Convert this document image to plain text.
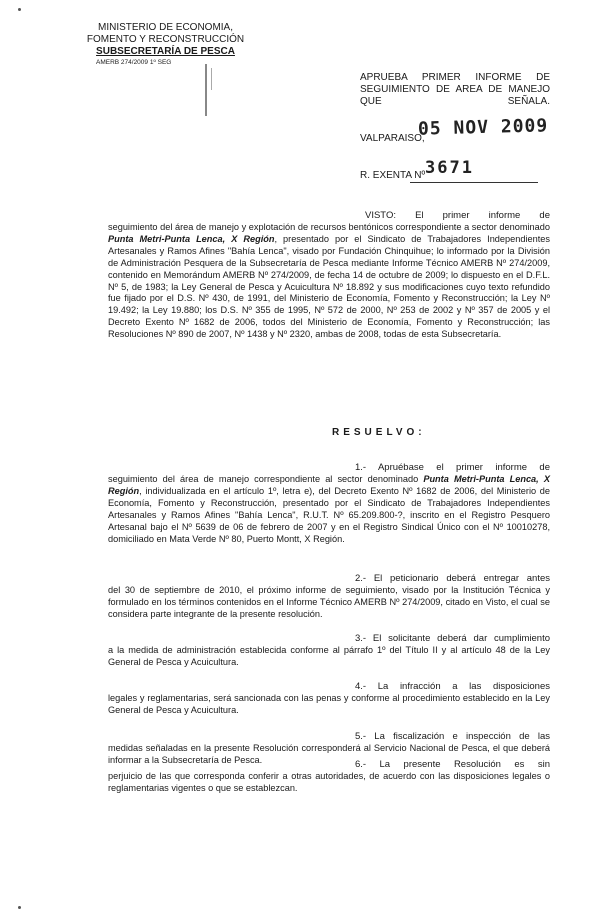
MINISTERIO DE ECONOMIA,
FOMENTO Y RECONSTRUCCIÓN
SUBSECRETARÍA DE PESCA
AMERB 274/2009 1º SEG
APRUEBA PRIMER INFORME DE SEGUIMIENTO DE AREA DE MANEJO QUE SEÑALA.
VALPARAISO,
05 NOV 2009
R. EXENTA Nº 3671
VISTO: El primer informe de
seguimiento del área de manejo y explotación de recursos bentónicos correspondiente a sector denominado Punta Metri-Punta Lenca, X Región, presentado por el Sindicato de Trabajadores Independientes Artesanales y Ramos Afines "Bahía Lenca", visado por Fundación Chinquihue; lo informado por la División de Administración Pesquera de la Subsecretaría de Pesca mediante Informe Técnico AMERB Nº 274/2009, contenido en Memorándum AMERB Nº 274/2009, de fecha 14 de octubre de 2009; lo dispuesto en el D.F.L. Nº 5, de 1983; la Ley General de Pesca y Acuicultura Nº 18.892 y sus modificaciones cuyo texto refundido fue fijado por el D.S. Nº 430, de 1991, del Ministerio de Economía, Fomento y Reconstrucción; la Ley Nº 19.492; la Ley 19.880; los D.S. Nº 355 de 1995, Nº 572 de 2000, Nº 253 de 2002 y Nº 357 de 2005 y el Decreto Exento Nº 1682 de 2006, todos del Ministerio de Economía, Fomento y Reconstrucción; las Resoluciones Nº 890 de 2007, Nº 1438 y Nº 2320, ambas de 2008, todas de esta Subsecretaría.
RESUELVO:
1.- Apruébase el primer informe de
seguimiento del área de manejo correspondiente al sector denominado Punta Metri-Punta Lenca, X Región, individualizada en el artículo 1º, letra e), del Decreto Exento Nº 1682 de 2006, del Ministerio de Economía, Fomento y Reconstrucción, presentado por el Sindicato de Trabajadores Independientes Artesanales y Ramos Afines "Bahía Lenca", R.U.T. Nº 65.209.800-?, inscrito en el Registro Pesquero Artesanal bajo el Nº 5639 de 06 de febrero de 2007 y en el Registro Sindical Único con el Nº 10010278, domiciliado en Mata Verde Nº 80, Puerto Montt, X Región.
2.- El peticionario deberá entregar antes
del 30 de septiembre de 2010, el próximo informe de seguimiento, visado por la Institución Técnica y formulado en los términos contenidos en el Informe Técnico AMERB Nº 274/2009, citado en Visto, el cual se considera parte integrante de la presente resolución.
3.- El solicitante deberá dar cumplimiento
a la medida de administración establecida conforme al párrafo 1º del Título II y al artículo 48 de la Ley General de Pesca y Acuicultura.
4.- La infracción a las disposiciones
legales y reglamentarias, será sancionada con las penas y conforme al procedimiento establecido en la Ley General de Pesca y Acuicultura.
5.- La fiscalización e inspección de las
medidas señaladas en la presente Resolución corresponderá al Servicio Nacional de Pesca, el que deberá informar a la Subsecretaría de Pesca.	6.- La presente Resolución es sin
perjuicio de las que corresponda conferir a otras autoridades, de acuerdo con las disposiciones legales o reglamentarias vigentes o que se establezcan.
